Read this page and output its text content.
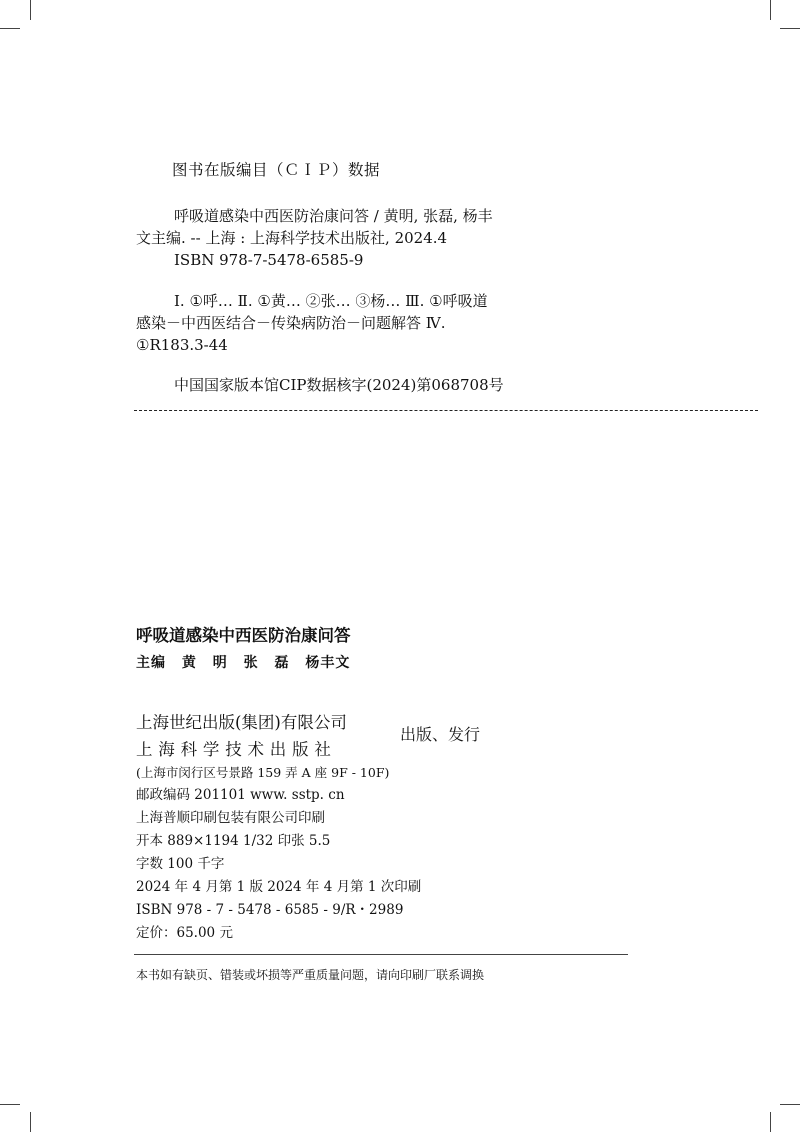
图书在版编目（ＣＩＰ）数据

呼吸道感染中西医防治康问答 / 黄明, 张磊, 杨丰

文主编. -- 上海 : 上海科学技术出版社, 2024.4

ISBN 978-7-5478-6585-9

Ⅰ. ①呼… Ⅱ. ①黄… ②张… ③杨… Ⅲ. ①呼吸道

感染－中西医结合－传染病防治－问题解答 Ⅳ.

①R183.3-44

中国国家版本馆CIP数据核字(2024)第068708号

呼吸道感染中西医防治康问答
主编 黄 明 张 磊 杨丰文
上海世纪出版(集团)有限公司
上海科学技术出版社
出版、发行
(上海市闵行区号景路 159 弄 A 座 9F - 10F)
邮政编码 201101 www. sstp. cn
上海普顺印刷包装有限公司印刷
开本 889×1194 1/32 印张 5.5
字数 100 千字
2024 年 4 月第 1 版 2024 年 4 月第 1 次印刷
ISBN 978 - 7 - 5478 - 6585 - 9/R・2989
定价：65.00 元
本书如有缺页、错装或坏损等严重质量问题，请向印刷厂联系调换
